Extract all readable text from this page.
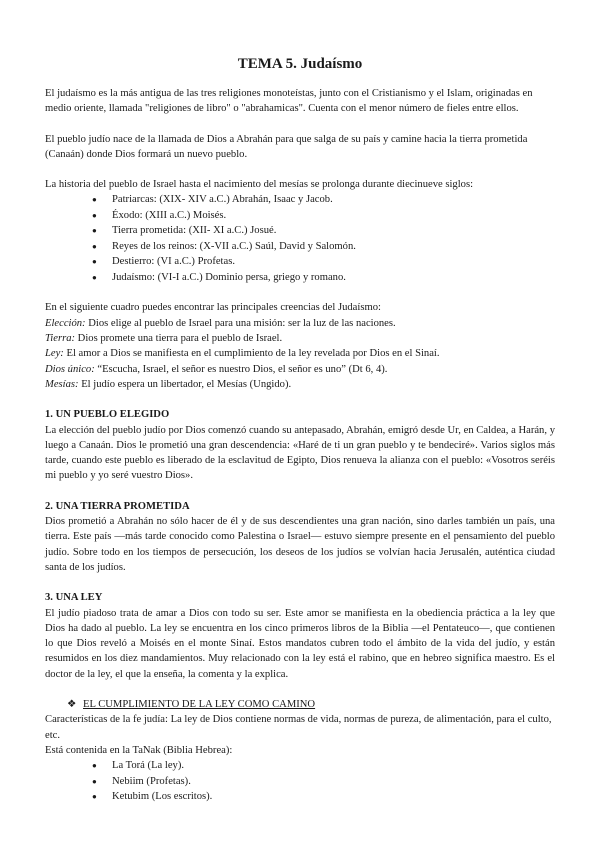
TEMA 5. Judaísmo

El judaísmo es la más antigua de las tres religiones monoteístas, junto con el Cristianismo y el Islam, originadas en medio oriente, llamada "religiones de libro" o "abrahamicas". Cuenta con el menor número de fieles entre ellos.

El pueblo judío nace de la llamada de Dios a Abrahán para que salga de su país y camine hacia la tierra prometida (Canaán) donde Dios formará un nuevo pueblo.

La historia del pueblo de Israel hasta el nacimiento del mesías se prolonga durante diecinueve siglos:

● Patriarcas: (XIX- XIV a.C.) Abrahán, Isaac y Jacob.
● Éxodo: (XIII a.C.) Moisés.
● Tierra prometida: (XII- XI a.C.) Josué.
● Reyes de los reinos: (X-VII a.C.) Saúl, David y Salomón.
● Destierro: (VI a.C.) Profetas.
● Judaísmo: (VI-I a.C.) Dominio persa, griego y romano.

En el siguiente cuadro puedes encontrar las principales creencias del Judaísmo:

Elección: Dios elige al pueblo de Israel para una misión: ser la luz de las naciones.

Tierra: Dios promete una tierra para el pueblo de Israel.

Ley: El amor a Dios se manifiesta en el cumplimiento de la ley revelada por Dios en el Sinaí.

Dios único: “Escucha, Israel, el señor es nuestro Dios, el señor es uno” (Dt 6, 4).

Mesías: El judío espera un libertador, el Mesías (Ungido).

1. UN PUEBLO ELEGIDO

La elección del pueblo judío por Dios comenzó cuando su antepasado, Abrahán, emigró desde Ur, en Caldea, a Harán, y luego a Canaán. Dios le prometió una gran descendencia: «Haré de ti un gran pueblo y te bendeciré». Varios siglos más tarde, cuando este pueblo es liberado de la esclavitud de Egipto, Dios renueva la alianza con el pueblo: «Vosotros seréis mi pueblo y yo seré vuestro Dios».

2. UNA TIERRA PROMETIDA

Dios prometió a Abrahán no sólo hacer de él y de sus descendientes una gran nación, sino darles también un país, una tierra. Este país —más tarde conocido como Palestina o Israel— estuvo siempre presente en el pensamiento del pueblo judío. Sobre todo en los tiempos de persecución, los deseos de los judíos se volvían hacia Jerusalén, auténtica ciudad santa de los judíos.

3. UNA LEY

El judío piadoso trata de amar a Dios con todo su ser. Este amor se manifiesta en la obediencia práctica a la ley que Dios ha dado al pueblo. La ley se encuentra en los cinco primeros libros de la Biblia —el Pentateuco—, que contienen lo que Dios reveló a Moisés en el monte Sinaí. Estos mandatos cubren todo el ámbito de la vida del judío, y están resumidos en los diez mandamientos. Muy relacionado con la ley está el rabino, que en hebreo significa maestro. Es el doctor de la ley, el que la enseña, la comenta y la explica.

❖ EL CUMPLIMIENTO DE LA LEY COMO CAMINO

Características de la fe judía: La ley de Dios contiene normas de vida, normas de pureza, de alimentación, para el culto, etc.

Está contenida en la TaNak (Biblia Hebrea):

● La Torá (La ley).
● Nebiim (Profetas).
● Ketubim (Los escritos).
